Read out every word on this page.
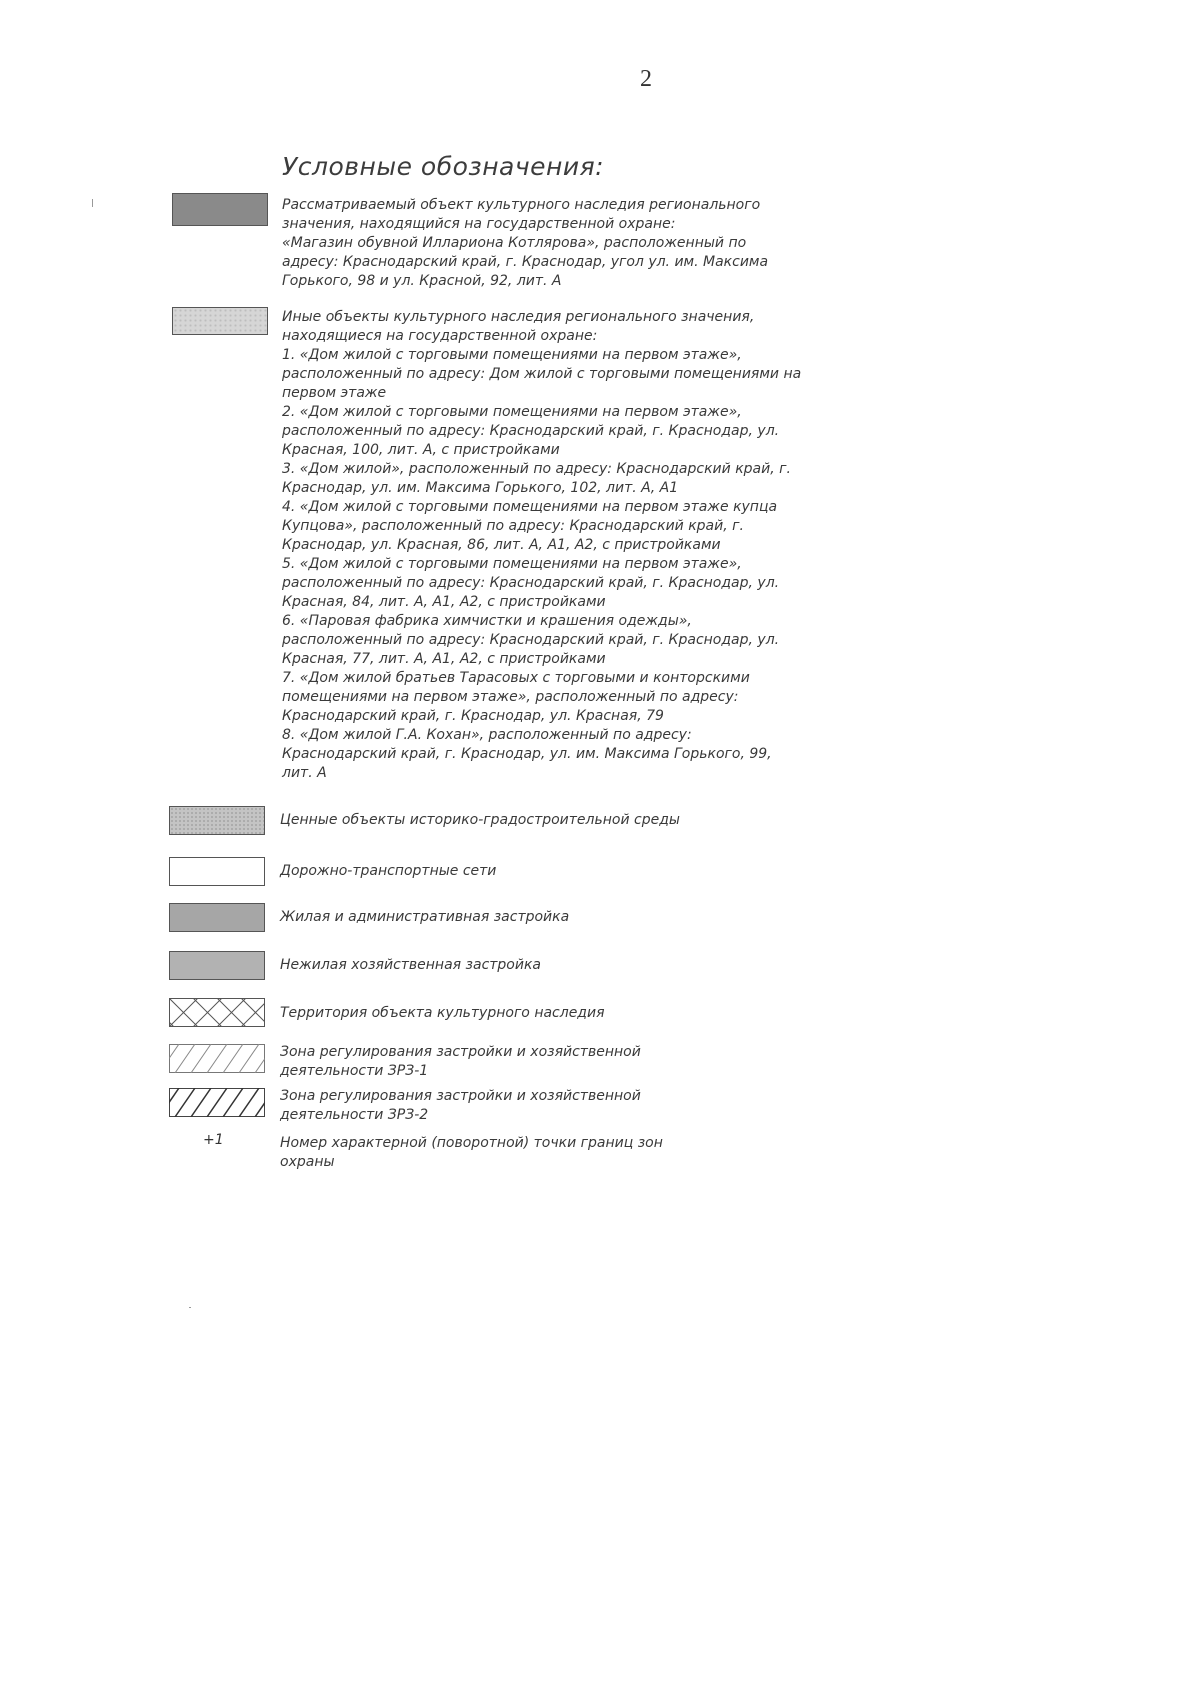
2
Условные обозначения:
Рассматриваемый объект культурного наследия регионального
значения, находящийся на государственной охране:
«Магазин обувной Иллариона Котлярова», расположенный по
адресу: Краснодарский край, г. Краснодар, угол ул. им. Максима
Горького, 98 и ул. Красной, 92, лит. А
Иные объекты культурного наследия регионального значения,
находящиеся на государственной охране:
1. «Дом жилой с торговыми помещениями на первом этаже»,
расположенный по адресу: Дом жилой с торговыми помещениями на
первом этаже
2. «Дом жилой с торговыми помещениями на первом этаже»,
расположенный по адресу: Краснодарский край, г. Краснодар, ул.
Красная, 100, лит. А, с пристройками
3. «Дом жилой», расположенный по адресу: Краснодарский край, г.
Краснодар, ул. им. Максима Горького, 102, лит. А, А1
4. «Дом жилой с торговыми помещениями на первом этаже купца
Купцова», расположенный по адресу: Краснодарский край, г.
Краснодар, ул. Красная, 86, лит. А, А1, А2, с пристройками
5. «Дом жилой с торговыми помещениями на первом этаже»,
расположенный по адресу: Краснодарский край, г. Краснодар, ул.
Красная, 84, лит. А, А1, А2, с пристройками
6. «Паровая фабрика химчистки и крашения одежды»,
расположенный по адресу: Краснодарский край, г. Краснодар, ул.
Красная, 77, лит. А, А1, А2, с пристройками
7. «Дом жилой братьев Тарасовых с торговыми и конторскими
помещениями на первом этаже», расположенный по адресу:
Краснодарский край, г. Краснодар, ул. Красная, 79
8. «Дом жилой Г.А. Кохан», расположенный по адресу:
Краснодарский край, г. Краснодар, ул. им. Максима Горького, 99,
лит. А
Ценные объекты историко-градостроительной среды
Дорожно-транспортные сети
Жилая и административная застройка
Нежилая хозяйственная застройка
Территория объекта культурного наследия
Зона регулирования застройки и хозяйственной
деятельности ЗРЗ-1
Зона регулирования застройки и хозяйственной
деятельности ЗРЗ-2
+1	Номер характерной (поворотной) точки границ зон
охраны
